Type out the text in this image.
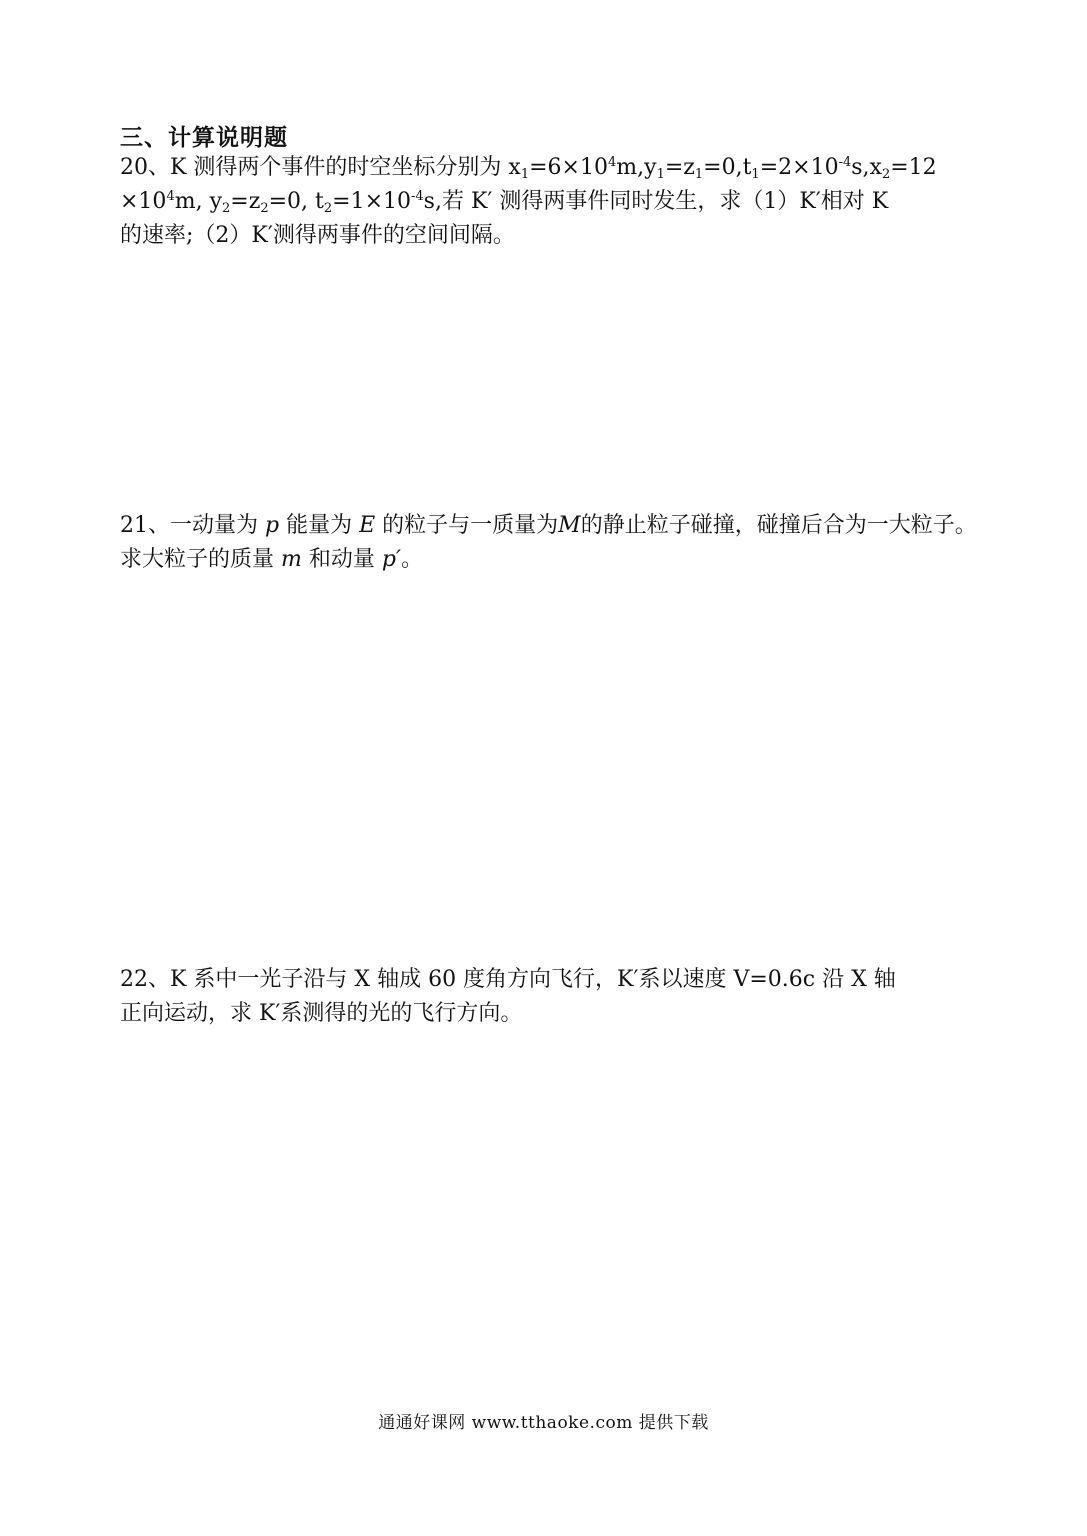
三、计算说明题
20、K 测得两个事件的时空坐标分别为 $x_1=6\times 10^4m,y_1=z_1=0,t_1=2\times 10^{-4}s,x_2=12$
$\times 10^4m$, $y_2=z_2=0$, $t_2=1\times 10^{-4}s$,若 K′ 测得两事件同时发生，求（1）K′相对 K
的速率;（2）K′测得两事件的空间间隔。
21、一动量为 p 能量为 E 的粒子与一质量为M的静止粒子碰撞，碰撞后合为一大粒子。
求大粒子的质量 m 和动量 p′。
22、K 系中一光子沿与 X 轴成 60 度角方向飞行，K′系以速度 V=0.6c 沿 X 轴
正向运动，求 K′系测得的光的飞行方向。
通通好课网 www.tthaoke.com 提供下载
